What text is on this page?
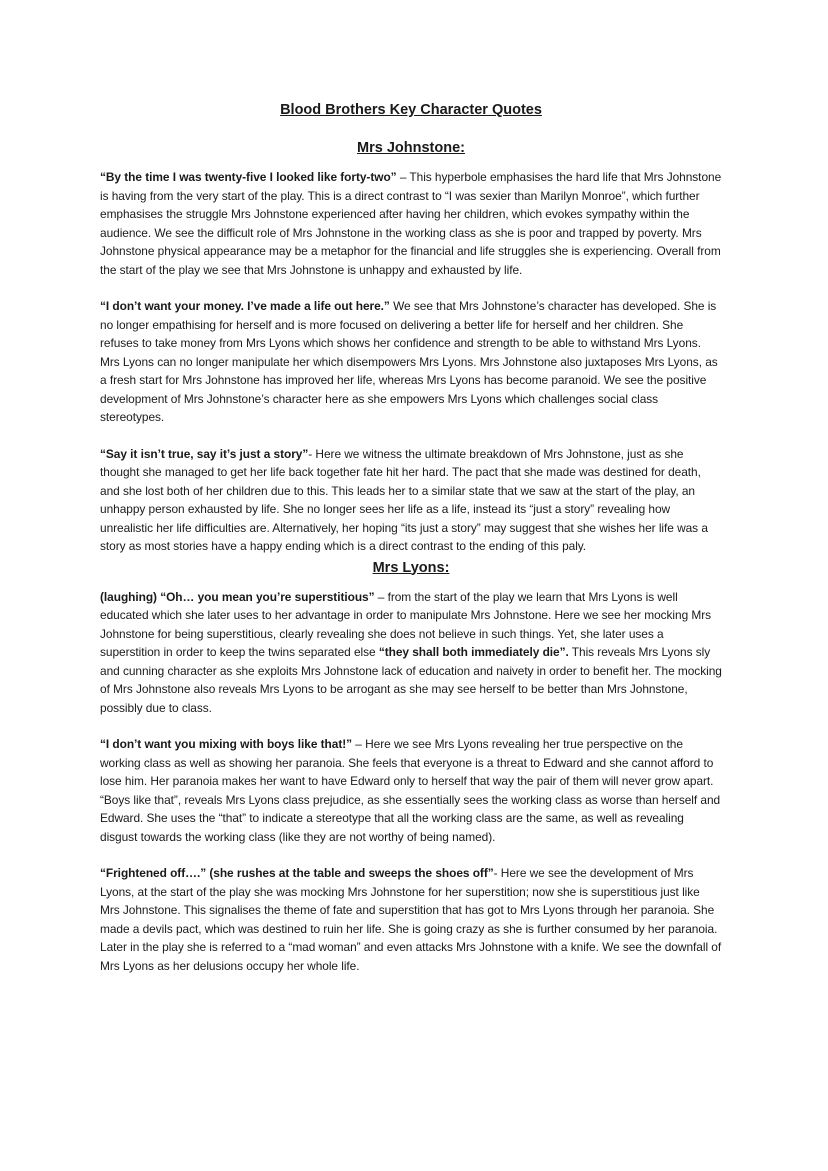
Blood Brothers Key Character Quotes
Mrs Johnstone:

“By the time I was twenty-five I looked like forty-two” – This hyperbole emphasises the hard life that Mrs Johnstone is having from the very start of the play. This is a direct contrast to “I was sexier than Marilyn Monroe”, which further emphasises the struggle Mrs Johnstone experienced after having her children, which evokes sympathy within the audience. We see the difficult role of Mrs Johnstone in the working class as she is poor and trapped by poverty. Mrs Johnstone physical appearance may be a metaphor for the financial and life struggles she is experiencing. Overall from the start of the play we see that Mrs Johnstone is unhappy and exhausted by life.

“I don’t want your money. I’ve made a life out here.” We see that Mrs Johnstone’s character has developed. She is no longer empathising for herself and is more focused on delivering a better life for herself and her children. She refuses to take money from Mrs Lyons which shows her confidence and strength to be able to withstand Mrs Lyons. Mrs Lyons can no longer manipulate her which disempowers Mrs Lyons. Mrs Johnstone also juxtaposes Mrs Lyons, as a fresh start for Mrs Johnstone has improved her life, whereas Mrs Lyons has become paranoid. We see the positive development of Mrs Johnstone’s character here as she empowers Mrs Lyons which challenges social class stereotypes.

“Say it isn’t true, say it’s just a story”- Here we witness the ultimate breakdown of Mrs Johnstone, just as she thought she managed to get her life back together fate hit her hard. The pact that she made was destined for death, and she lost both of her children due to this. This leads her to a similar state that we saw at the start of the play, an unhappy person exhausted by life. She no longer sees her life as a life, instead its “just a story” revealing how unrealistic her life difficulties are. Alternatively, her hoping “its just a story” may suggest that she wishes her life was a story as most stories have a happy ending which is a direct contrast to the ending of this paly.

Mrs Lyons:

(laughing) “Oh… you mean you’re superstitious” – from the start of the play we learn that Mrs Lyons is well educated which she later uses to her advantage in order to manipulate Mrs Johnstone. Here we see her mocking Mrs Johnstone for being superstitious, clearly revealing she does not believe in such things. Yet, she later uses a superstition in order to keep the twins separated else “they shall both immediately die”. This reveals Mrs Lyons sly and cunning character as she exploits Mrs Johnstone lack of education and naivety in order to benefit her. The mocking of Mrs Johnstone also reveals Mrs Lyons to be arrogant as she may see herself to be better than Mrs Johnstone, possibly due to class.

“I don’t want you mixing with boys like that!” – Here we see Mrs Lyons revealing her true perspective on the working class as well as showing her paranoia. She feels that everyone is a threat to Edward and she cannot afford to lose him. Her paranoia makes her want to have Edward only to herself that way the pair of them will never grow apart. “Boys like that”, reveals Mrs Lyons class prejudice, as she essentially sees the working class as worse than herself and Edward. She uses the “that” to indicate a stereotype that all the working class are the same, as well as revealing disgust towards the working class (like they are not worthy of being named).

“Frightened off….” (she rushes at the table and sweeps the shoes off”- Here we see the development of Mrs Lyons, at the start of the play she was mocking Mrs Johnstone for her superstition; now she is superstitious just like Mrs Johnstone. This signalises the theme of fate and superstition that has got to Mrs Lyons through her paranoia. She made a devils pact, which was destined to ruin her life. She is going crazy as she is further consumed by her paranoia. Later in the play she is referred to a “mad woman” and even attacks Mrs Johnstone with a knife. We see the downfall of Mrs Lyons as her delusions occupy her whole life.
